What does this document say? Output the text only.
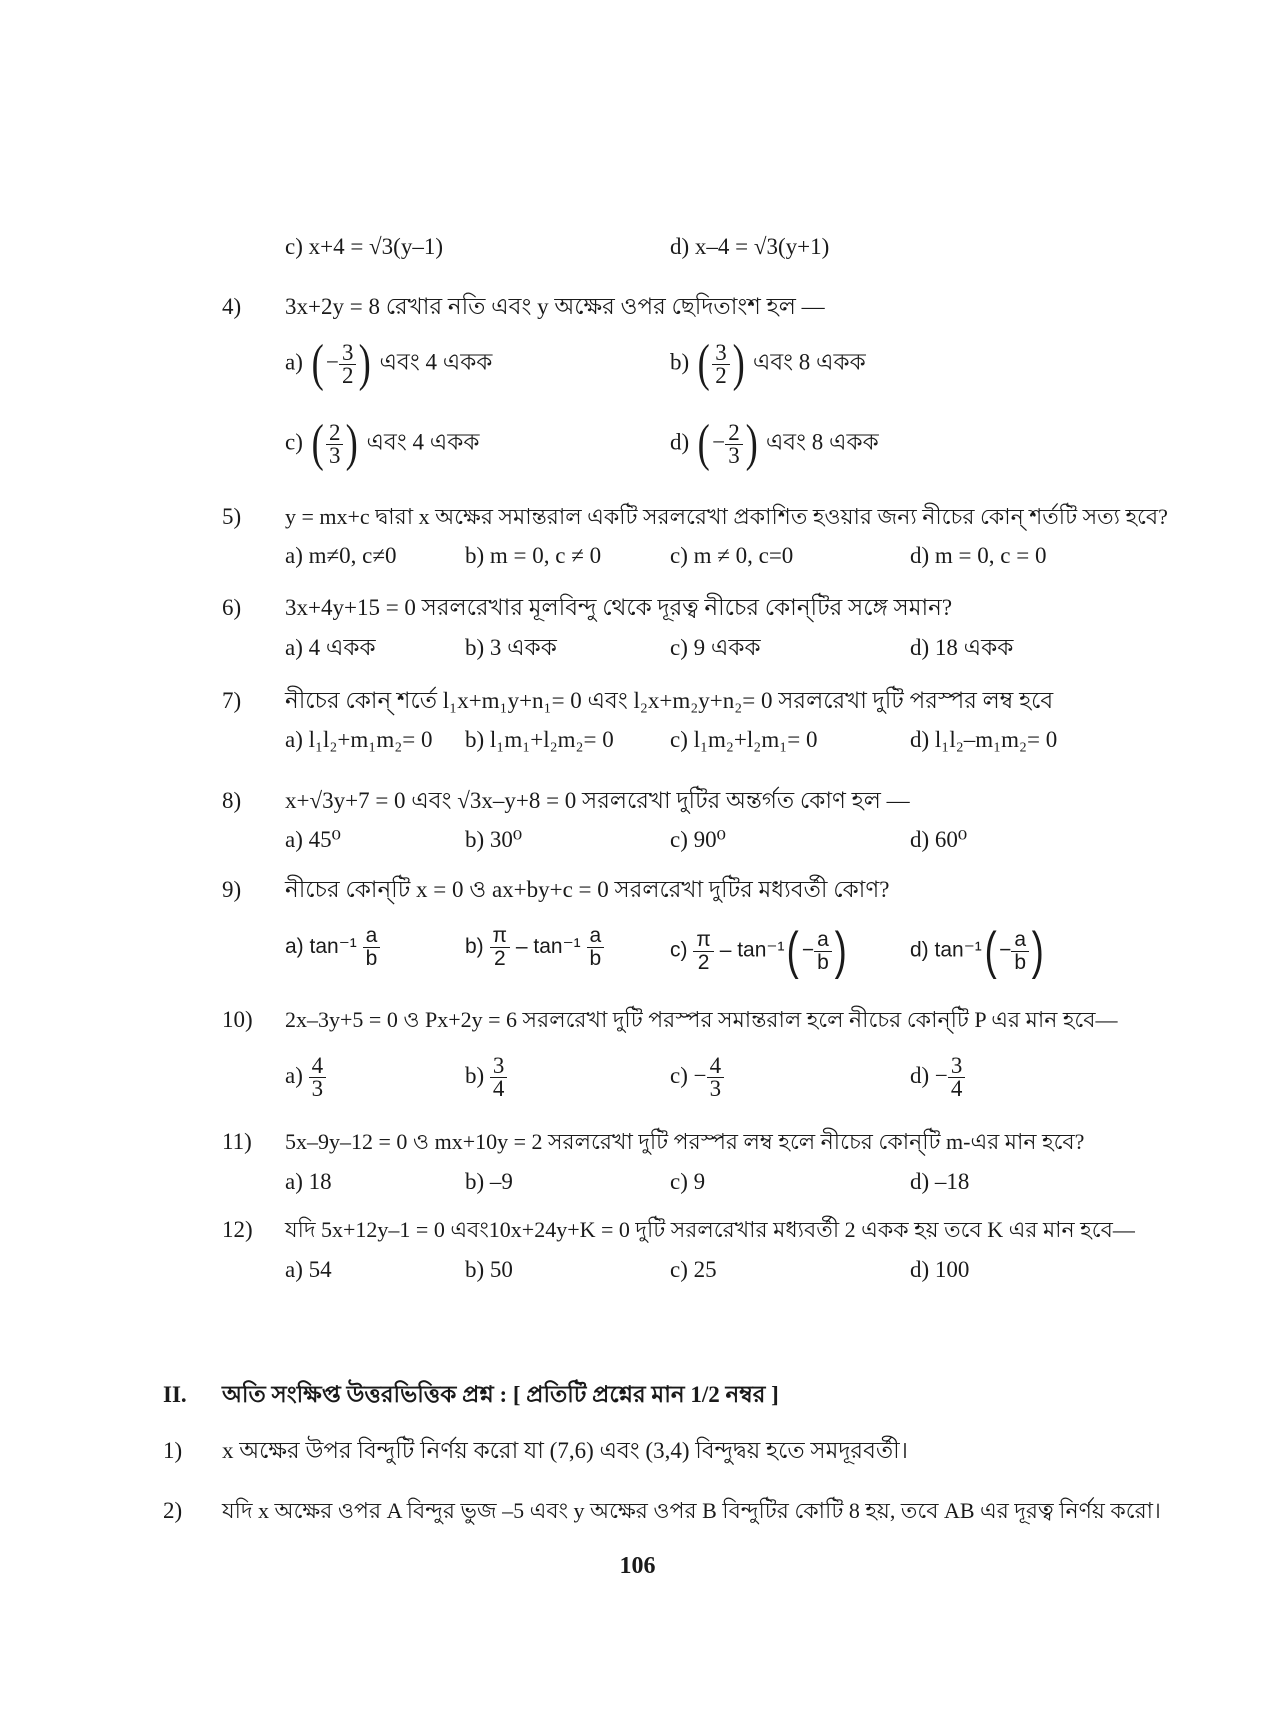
c) x+4 = √3(y–1)	d) x–4 = √3(y+1)
4) 3x+2y = 8 রেখার নতি এবং y অক্ষের ওপর ছেদিতাংশ হল —
a) ( − $\frac{3}{2}$ ) এবং 4 একক	b) ( $\frac{3}{2}$ ) এবং 8 একক
c) ( $\frac{2}{3}$ ) এবং 4 একক	d) ( − $\frac{2}{3}$ ) এবং 8 একক
5) y = mx+c দ্বারা x অক্ষের সমান্তরাল একটি সরলরেখা প্রকাশিত হওয়ার জন্য নীচের কোন্ শর্তটি সত্য হবে?
a) m≠0, c≠0	b) m = 0, c ≠ 0	c) m ≠ 0, c=0	d) m = 0, c = 0
6) 3x+4y+15 = 0 সরলরেখার মূলবিন্দু থেকে দূরত্ব নীচের কোন্‌টির সঙ্গে সমান?
a) 4 একক	b) 3 একক	c) 9 একক	d) 18 একক
7) নীচের কোন্ শর্তে l₁x+m₁y+n₁= 0 এবং l₂x+m₂y+n₂= 0 সরলরেখা দুটি পরস্পর লম্ব হবে
a) l₁l₂+m₁m₂= 0 b) l₁m₁+l₂m₂= 0 c) l₁m₂+l₂m₁= 0	d) l₁l₂–m₁m₂= 0
8) x+√3y+7 = 0 এবং √3x–y+8 = 0 সরলরেখা দুটির অন্তর্গত কোণ হল —
a) 45⁰	b) 30⁰	c) 90⁰	d) 60⁰
9) নীচের কোন্‌টি x = 0 ও ax+by+c = 0 সরলরেখা দুটির মধ্যবর্তী কোণ?
a) $\tan^{-1} \frac{a}{b}$	$b) \frac{\pi}{2} - \tan^{-1} \frac{a}{b}$	$c) \frac{\pi}{2} - \tan^{-1}( - \frac{a}{b}$ )	d) $\tan^{-1}( - \frac{a}{b}$ )
10) 2x–3y+5 = 0 ও Px+2y = 6 সরলরেখা দুটি পরস্পর সমান্তরাল হলে নীচের কোন্‌টি P এর মান হবে—
$a) \frac{4}{3}$	$b) \frac{3}{4}$	$c) - \frac{4}{3}$	$d) - \frac{3}{4}$
11) 5x–9y–12 = 0 ও mx+10y = 2 সরলরেখা দুটি পরস্পর লম্ব হলে নীচের কোন্‌টি m-এর মান হবে?
a) 18	b) –9	c) 9	d) –18
12) যদি 5x+12y–1 = 0 এবং10x+24y+K = 0 দুটি সরলরেখার মধ্যবর্তী 2 একক হয় তবে K এর মান হবে—
a) 54	b) 50	c) 25	d) 100
II. অতি সংক্ষিপ্ত উত্তরভিত্তিক প্রশ্ন : [ প্রতিটি প্রশ্নের মান 1/2 নম্বর ]
1) x অক্ষের উপর বিন্দুটি নির্ণয় করো যা (7,6) এবং (3,4) বিন্দুদ্বয় হতে সমদূরবর্তী।
2) যদি x অক্ষের ওপর A বিন্দুর ভুজ –5 এবং y অক্ষের ওপর B বিন্দুটির কোটি 8 হয়, তবে AB এর দূরত্ব নির্ণয় করো।
106
